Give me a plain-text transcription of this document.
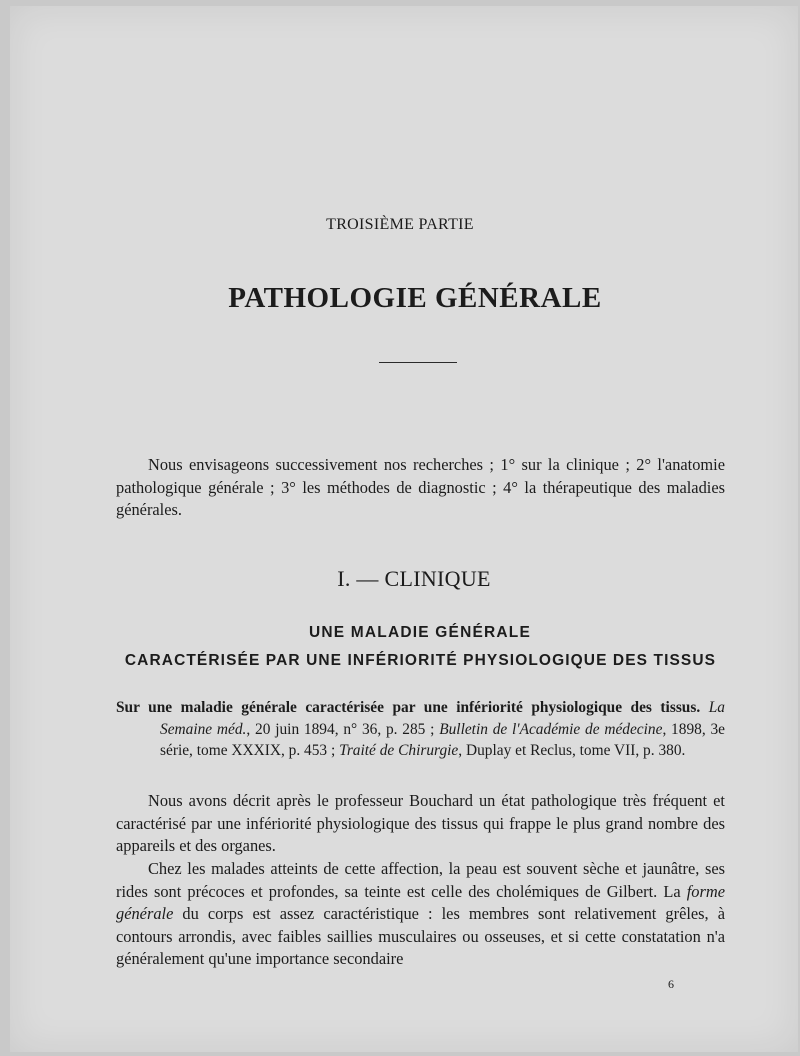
TROISIÈME PARTIE
PATHOLOGIE GÉNÉRALE
Nous envisageons successivement nos recherches ; 1° sur la clinique ; 2° l'anatomie pathologique générale ; 3° les méthodes de diagnostic ; 4° la thérapeutique des maladies générales.
I. — CLINIQUE
UNE MALADIE GÉNÉRALE
CARACTÉRISÉE PAR UNE INFÉRIORITÉ PHYSIOLOGIQUE DES TISSUS
Sur une maladie générale caractérisée par une infériorité physiologique des tissus. La Semaine méd., 20 juin 1894, n° 36, p. 285 ; Bulletin de l'Académie de médecine, 1898, 3e série, tome XXXIX, p. 453 ; Traité de Chirurgie, Duplay et Reclus, tome VII, p. 380.
Nous avons décrit après le professeur Bouchard un état pathologique très fréquent et caractérisé par une infériorité physiologique des tissus qui frappe le plus grand nombre des appareils et des organes.
Chez les malades atteints de cette affection, la peau est souvent sèche et jaunâtre, ses rides sont précoces et profondes, sa teinte est celle des cholémiques de Gilbert. La forme générale du corps est assez caractéristique : les membres sont relativement grêles, à contours arrondis, avec faibles saillies musculaires ou osseuses, et si cette constatation n'a généralement qu'une importance secondaire
6
